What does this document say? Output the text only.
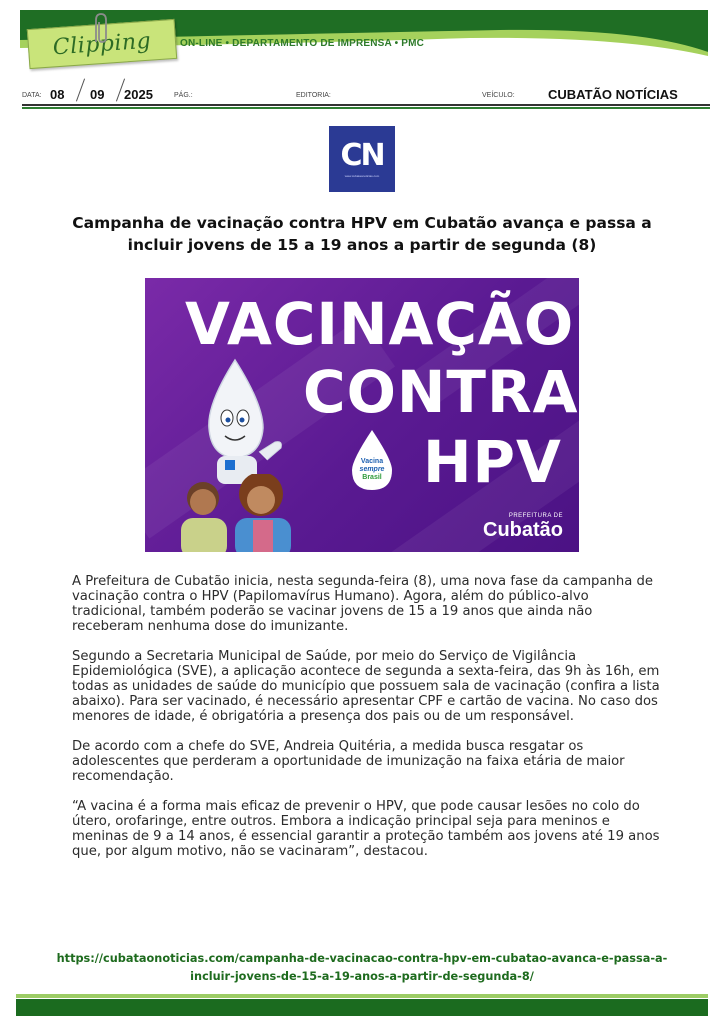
Clipping	ON-LINE • DEPARTAMENTO DE IMPRENSA • PMC
DATA: 08 09 2025	PÁG.:	EDITORIA:	VEÍCULO:	CUBATÃO NOTÍCIAS
CN
www.cubataonoticias.com
Campanha de vacinação contra HPV em Cubatão avança e passa a incluir jovens de 15 a 19 anos a partir de segunda (8)
VACINAÇÃO
CONTRA
HPV
Vacina
sempre
Brasil
PREFEITURA DE
Cubatão

A Prefeitura de Cubatão inicia, nesta segunda-feira (8), uma nova fase da campanha de vacinação contra o HPV (Papilomavírus Humano). Agora, além do público-alvo tradicional, também poderão se vacinar jovens de 15 a 19 anos que ainda não receberam nenhuma dose do imunizante.

Segundo a Secretaria Municipal de Saúde, por meio do Serviço de Vigilância Epidemiológica (SVE), a aplicação acontece de segunda a sexta-feira, das 9h às 16h, em todas as unidades de saúde do município que possuem sala de vacinação (confira a lista abaixo). Para ser vacinado, é necessário apresentar CPF e cartão de vacina. No caso dos menores de idade, é obrigatória a presença dos pais ou de um responsável.

De acordo com a chefe do SVE, Andreia Quitéria, a medida busca resgatar os adolescentes que perderam a oportunidade de imunização na faixa etária de maior recomendação.

“A vacina é a forma mais eficaz de prevenir o HPV, que pode causar lesões no colo do útero, orofaringe, entre outros. Embora a indicação principal seja para meninos e meninas de 9 a 14 anos, é essencial garantir a proteção também aos jovens até 19 anos que, por algum motivo, não se vacinaram”, destacou.

https://cubataonoticias.com/campanha-de-vacinacao-contra-hpv-em-cubatao-avanca-e-passa-a-
incluir-jovens-de-15-a-19-anos-a-partir-de-segunda-8/
